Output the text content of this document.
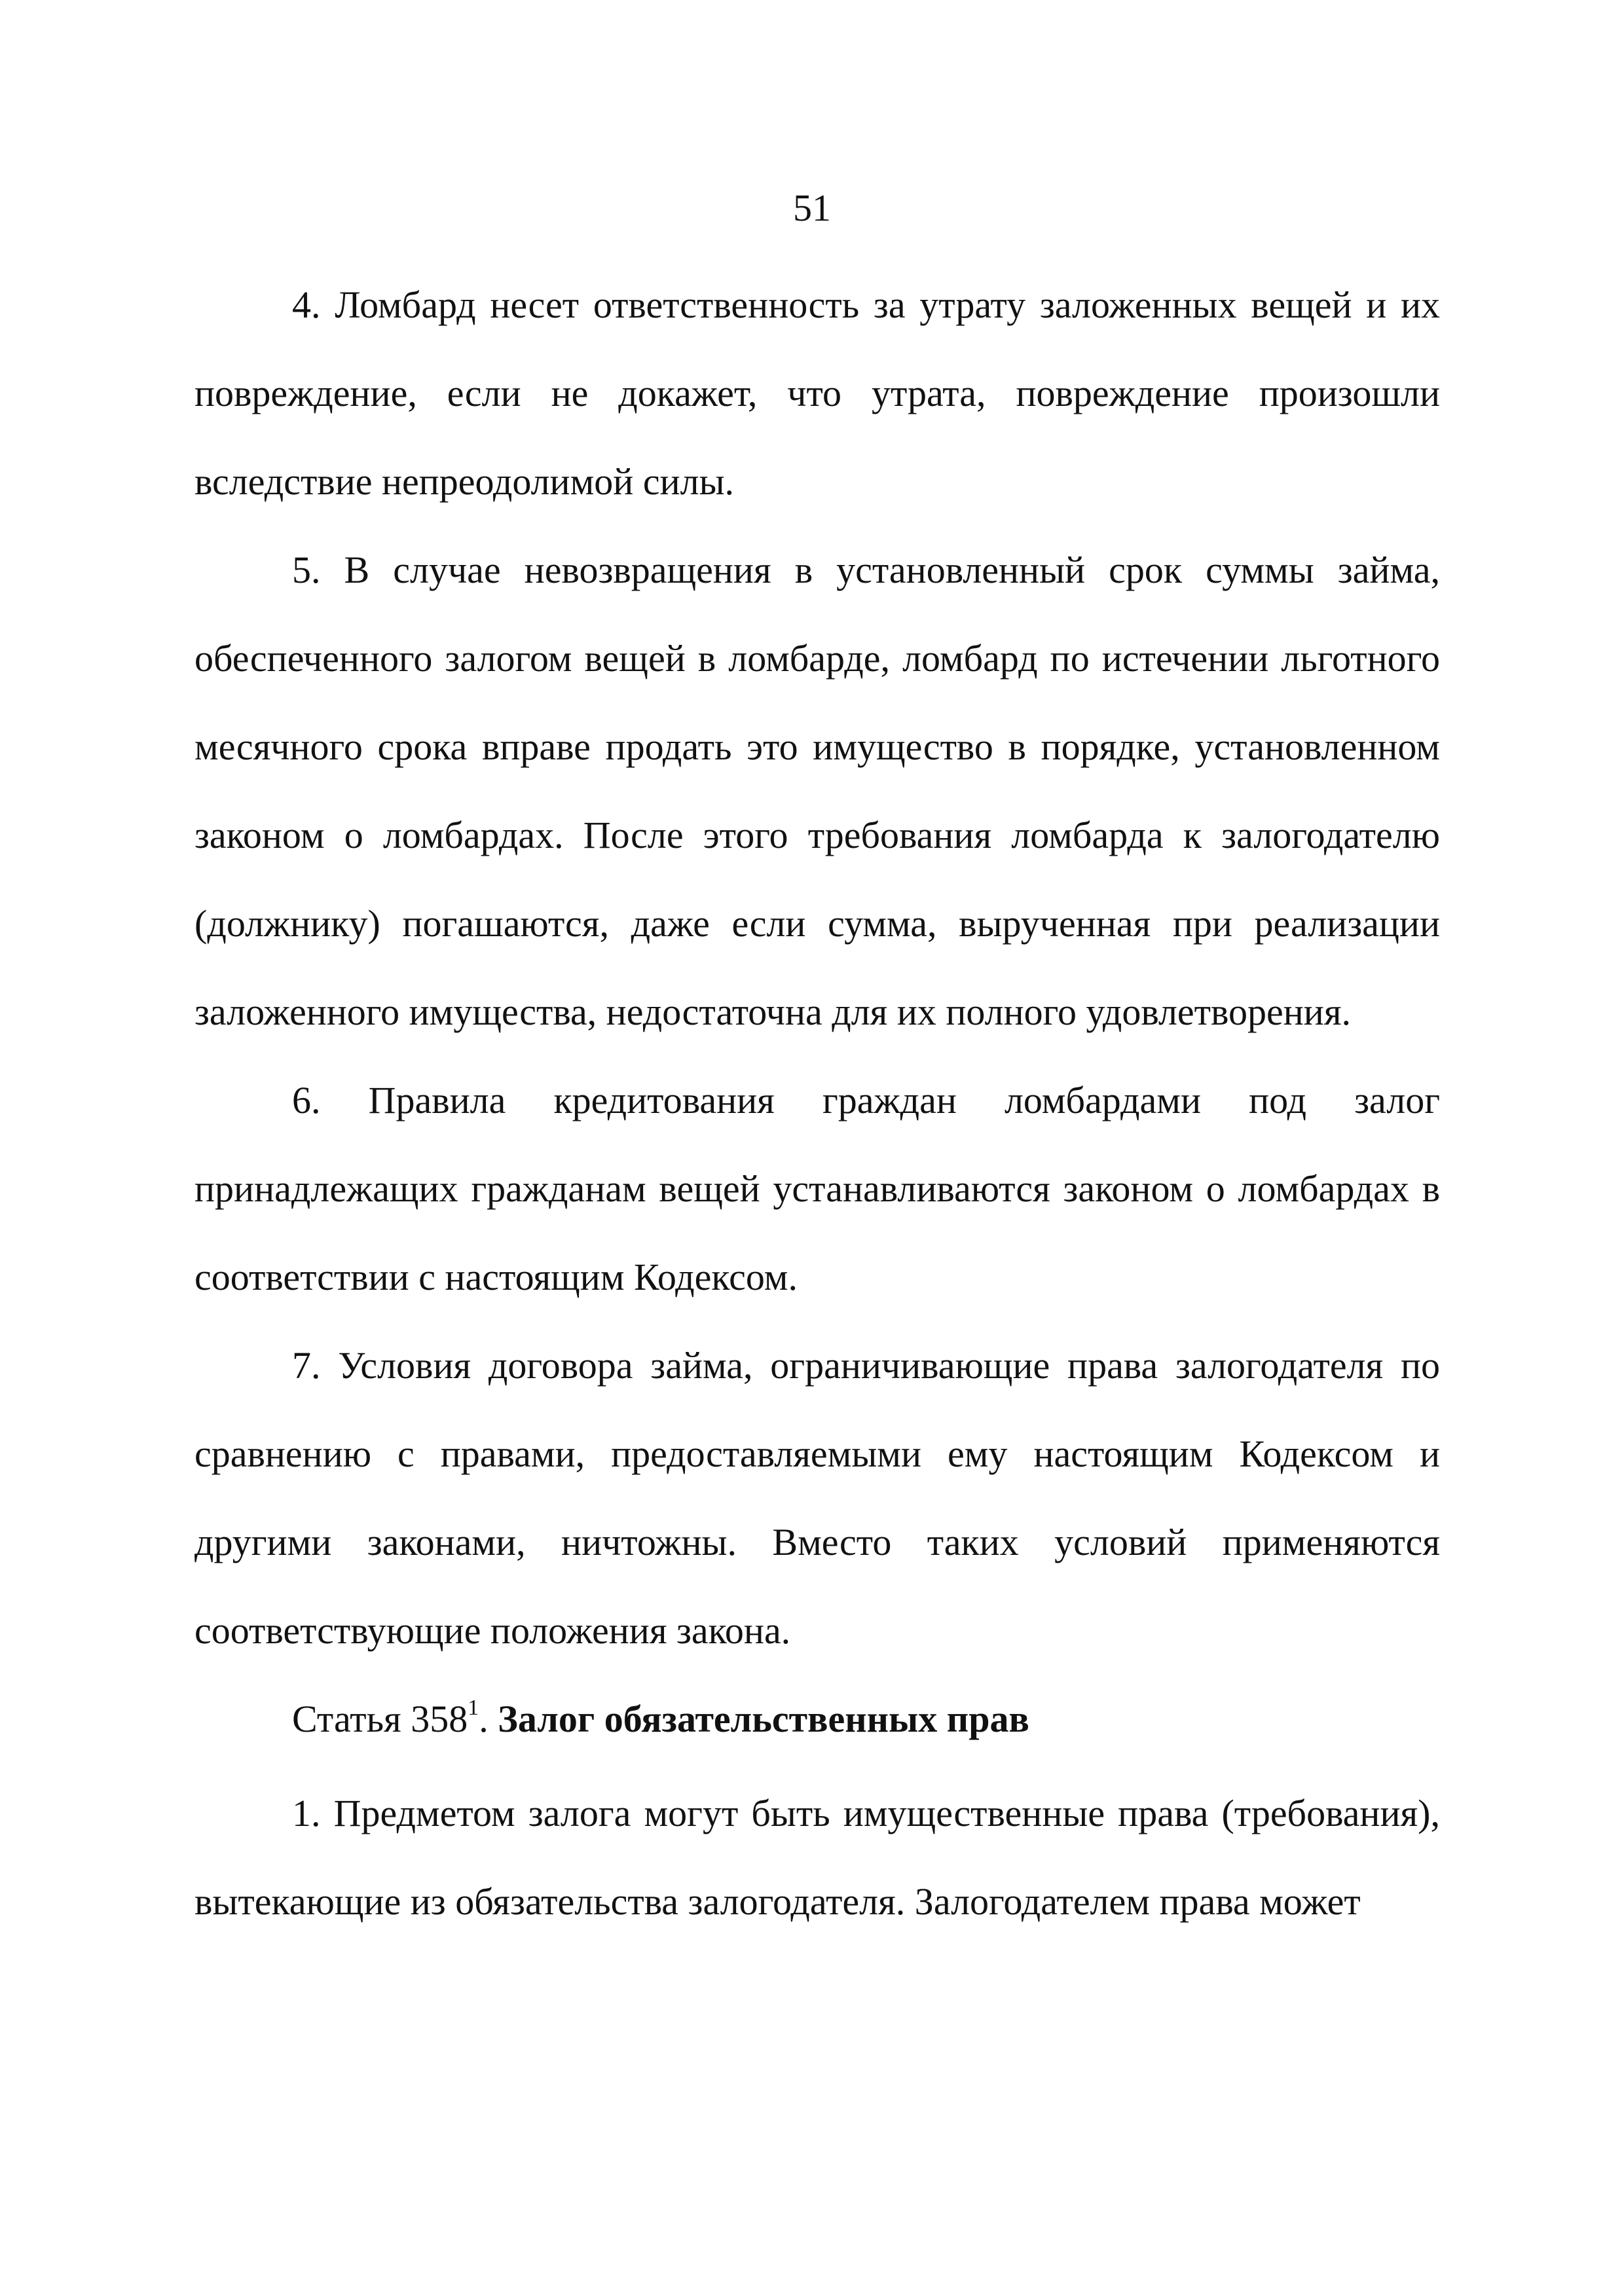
51

4. Ломбард несет ответственность за утрату заложенных вещей и их повреждение, если не докажет, что утрата, повреждение произошли вследствие непреодолимой силы.

5. В случае невозвращения в установленный срок суммы займа, обеспеченного залогом вещей в ломбарде, ломбард по истечении льготного месячного срока вправе продать это имущество в порядке, установленном законом о ломбардах. После этого требования ломбарда к залогодателю (должнику) погашаются, даже если сумма, вырученная при реализации заложенного имущества, недостаточна для их полного удовлетворения.

6. Правила кредитования граждан ломбардами под залог принадлежащих гражданам вещей устанавливаются законом о ломбардах в соответствии с настоящим Кодексом.

7. Условия договора займа, ограничивающие права залогодателя по сравнению с правами, предоставляемыми ему настоящим Кодексом и другими законами, ничтожны. Вместо таких условий применяются соответствующие положения закона.

Статья $358^1$. Залог обязательственных прав

1. Предметом залога могут быть имущественные права (требования), вытекающие из обязательства залогодателя. Залогодателем права может
